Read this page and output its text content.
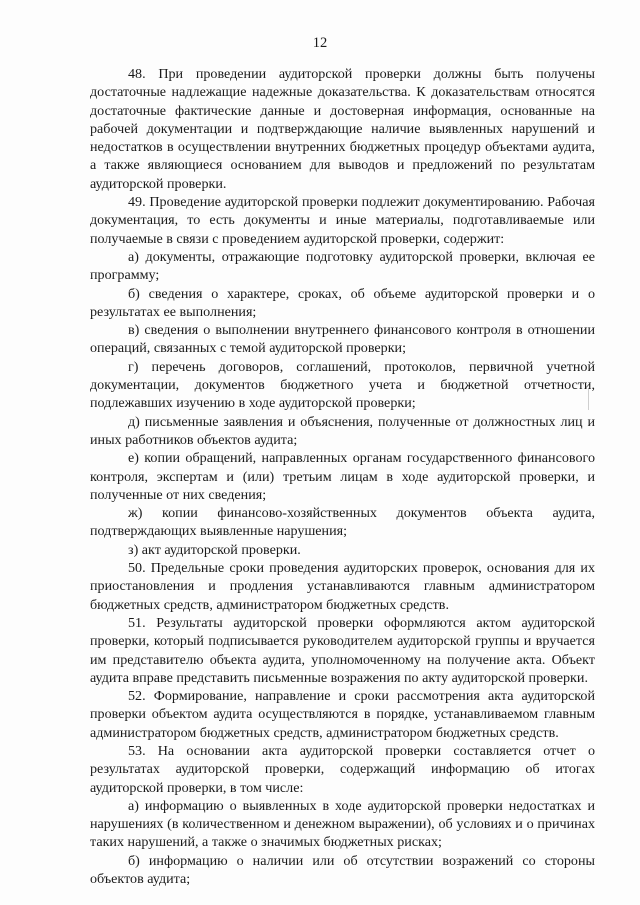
12

48. При проведении аудиторской проверки должны быть получены достаточные надлежащие надежные доказательства. К доказательствам относятся достаточные фактические данные и достоверная информация, основанные на рабочей документации и подтверждающие наличие выявленных нарушений и недостатков в осуществлении внутренних бюджетных процедур объектами аудита, а также являющиеся основанием для выводов и предложений по результатам аудиторской проверки.

49. Проведение аудиторской проверки подлежит документированию. Рабочая документация, то есть документы и иные материалы, подготавливаемые или получаемые в связи с проведением аудиторской проверки, содержит:

а) документы, отражающие подготовку аудиторской проверки, включая ее программу;

б) сведения о характере, сроках, об объеме аудиторской проверки и о результатах ее выполнения;

в) сведения о выполнении внутреннего финансового контроля в отношении операций, связанных с темой аудиторской проверки;

г) перечень договоров, соглашений, протоколов, первичной учетной документации, документов бюджетного учета и бюджетной отчетности, подлежавших изучению в ходе аудиторской проверки;

д) письменные заявления и объяснения, полученные от должностных лиц и иных работников объектов аудита;

е) копии обращений, направленных органам государственного финансового контроля, экспертам и (или) третьим лицам в ходе аудиторской проверки, и полученные от них сведения;

ж) копии финансово-хозяйственных документов объекта аудита, подтверждающих выявленные нарушения;

з) акт аудиторской проверки.

50. Предельные сроки проведения аудиторских проверок, основания для их приостановления и продления устанавливаются главным администратором бюджетных средств, администратором бюджетных средств.

51. Результаты аудиторской проверки оформляются актом аудиторской проверки, который подписывается руководителем аудиторской группы и вручается им представителю объекта аудита, уполномоченному на получение акта. Объект аудита вправе представить письменные возражения по акту аудиторской проверки.

52. Формирование, направление и сроки рассмотрения акта аудиторской проверки объектом аудита осуществляются в порядке, устанавливаемом главным администратором бюджетных средств, администратором бюджетных средств.

53. На основании акта аудиторской проверки составляется отчет о результатах аудиторской проверки, содержащий информацию об итогах аудиторской проверки, в том числе:

а) информацию о выявленных в ходе аудиторской проверки недостатках и нарушениях (в количественном и денежном выражении), об условиях и о причинах таких нарушений, а также о значимых бюджетных рисках;

б) информацию о наличии или об отсутствии возражений со стороны объектов аудита;
